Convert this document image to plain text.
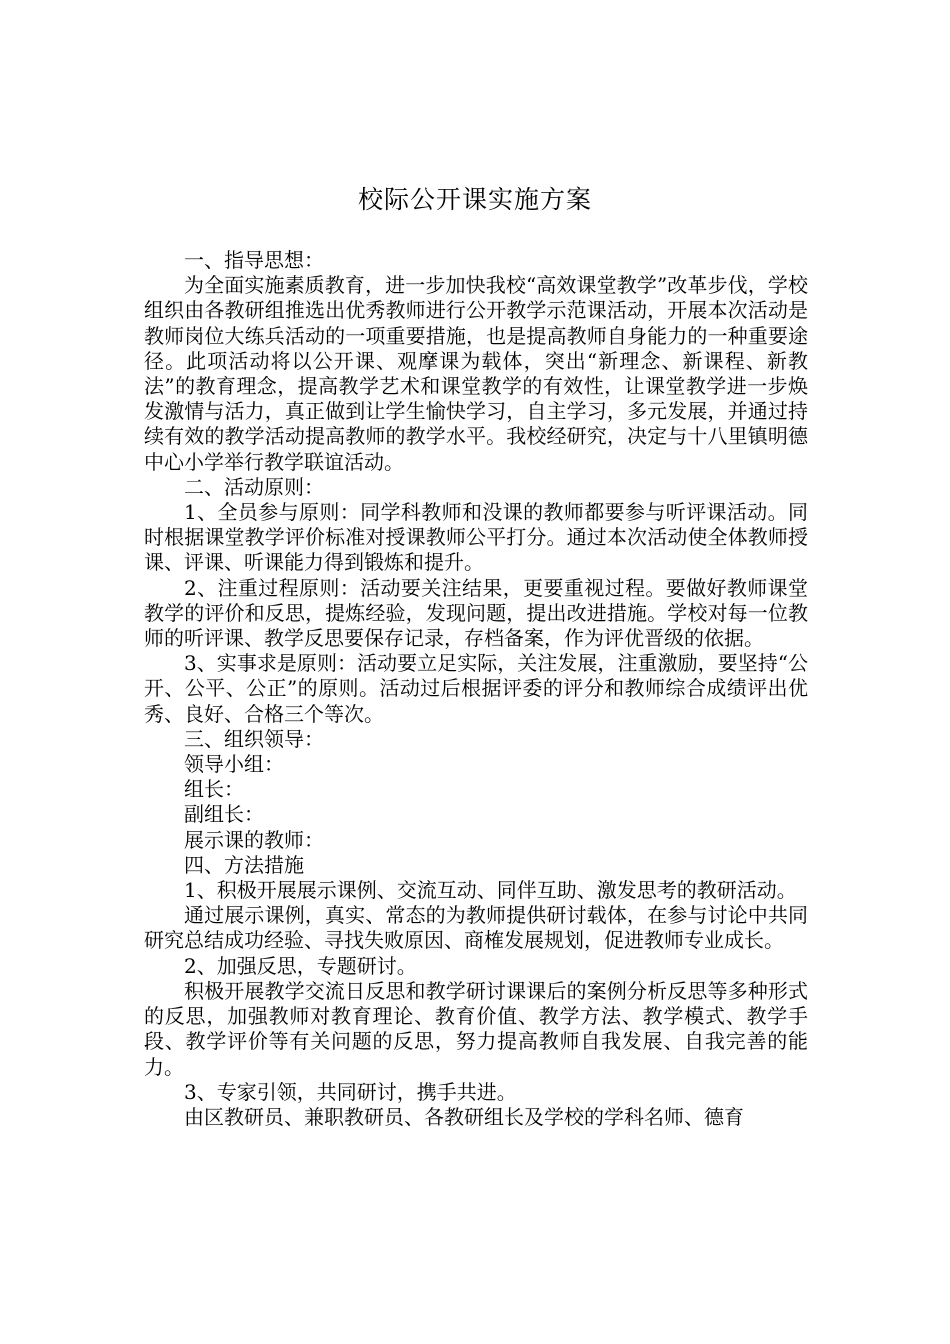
校际公开课实施方案

一、指导思想：

为全面实施素质教育，进一步加快我校“高效课堂教学”改革步伐，学校组织由各教研组推选出优秀教师进行公开教学示范课活动，开展本次活动是教师岗位大练兵活动的一项重要措施，也是提高教师自身能力的一种重要途径。此项活动将以公开课、观摩课为载体，突出“新理念、新课程、新教法”的教育理念，提高教学艺术和课堂教学的有效性，让课堂教学进一步焕发激情与活力，真正做到让学生愉快学习，自主学习，多元发展，并通过持续有效的教学活动提高教师的教学水平。我校经研究，决定与十八里镇明德中心小学举行教学联谊活动。

二、活动原则：

1、全员参与原则：同学科教师和没课的教师都要参与听评课活动。同时根据课堂教学评价标准对授课教师公平打分。通过本次活动使全体教师授课、评课、听课能力得到锻炼和提升。

2、注重过程原则：活动要关注结果，更要重视过程。要做好教师课堂教学的评价和反思，提炼经验，发现问题，提出改进措施。学校对每一位教师的听评课、教学反思要保存记录，存档备案，作为评优晋级的依据。

3、实事求是原则：活动要立足实际，关注发展，注重激励，要坚持“公开、公平、公正”的原则。活动过后根据评委的评分和教师综合成绩评出优秀、良好、合格三个等次。

三、组织领导：

领导小组：

组长：

副组长：

展示课的教师：

四、方法措施

1、积极开展展示课例、交流互动、同伴互助、激发思考的教研活动。

通过展示课例，真实、常态的为教师提供研讨载体，在参与讨论中共同研究总结成功经验、寻找失败原因、商榷发展规划，促进教师专业成长。

2、加强反思，专题研讨。

积极开展教学交流日反思和教学研讨课课后的案例分析反思等多种形式的反思，加强教师对教育理论、教育价值、教学方法、教学模式、教学手段、教学评价等有关问题的反思，努力提高教师自我发展、自我完善的能力。

3、专家引领，共同研讨，携手共进。

由区教研员、兼职教研员、各教研组长及学校的学科名师、德育
